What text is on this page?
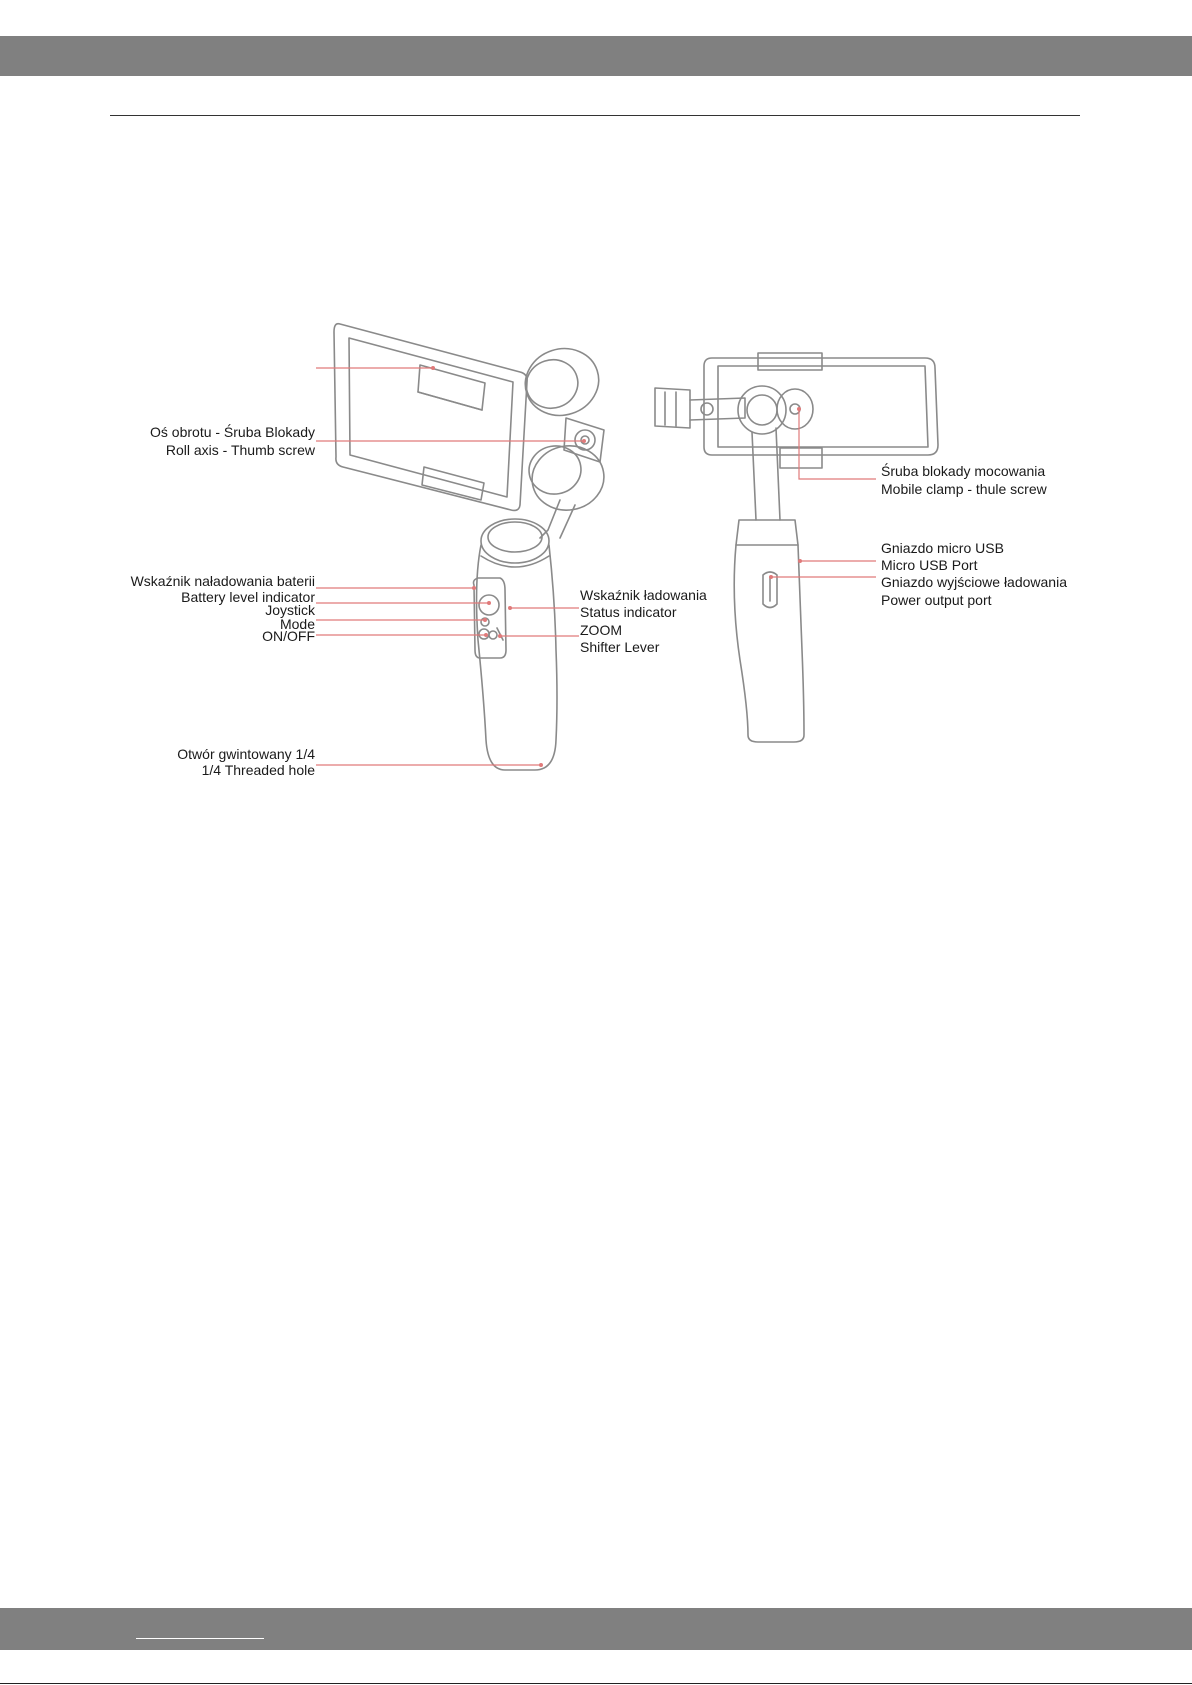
Oś obrotu - Śruba Blokady
Roll axis - Thumb screw
Wskaźnik naładowania baterii
Battery level indicator
Joystick
Mode
ON/OFF
Otwór gwintowany 1/4
1/4 Threaded hole
Wskaźnik ładowania
Status indicator
ZOOM
Shifter Lever
Śruba blokady mocowania
Mobile clamp - thule screw
Gniazdo micro USB
Micro USB Port
Gniazdo wyjściowe ładowania
Power output port
